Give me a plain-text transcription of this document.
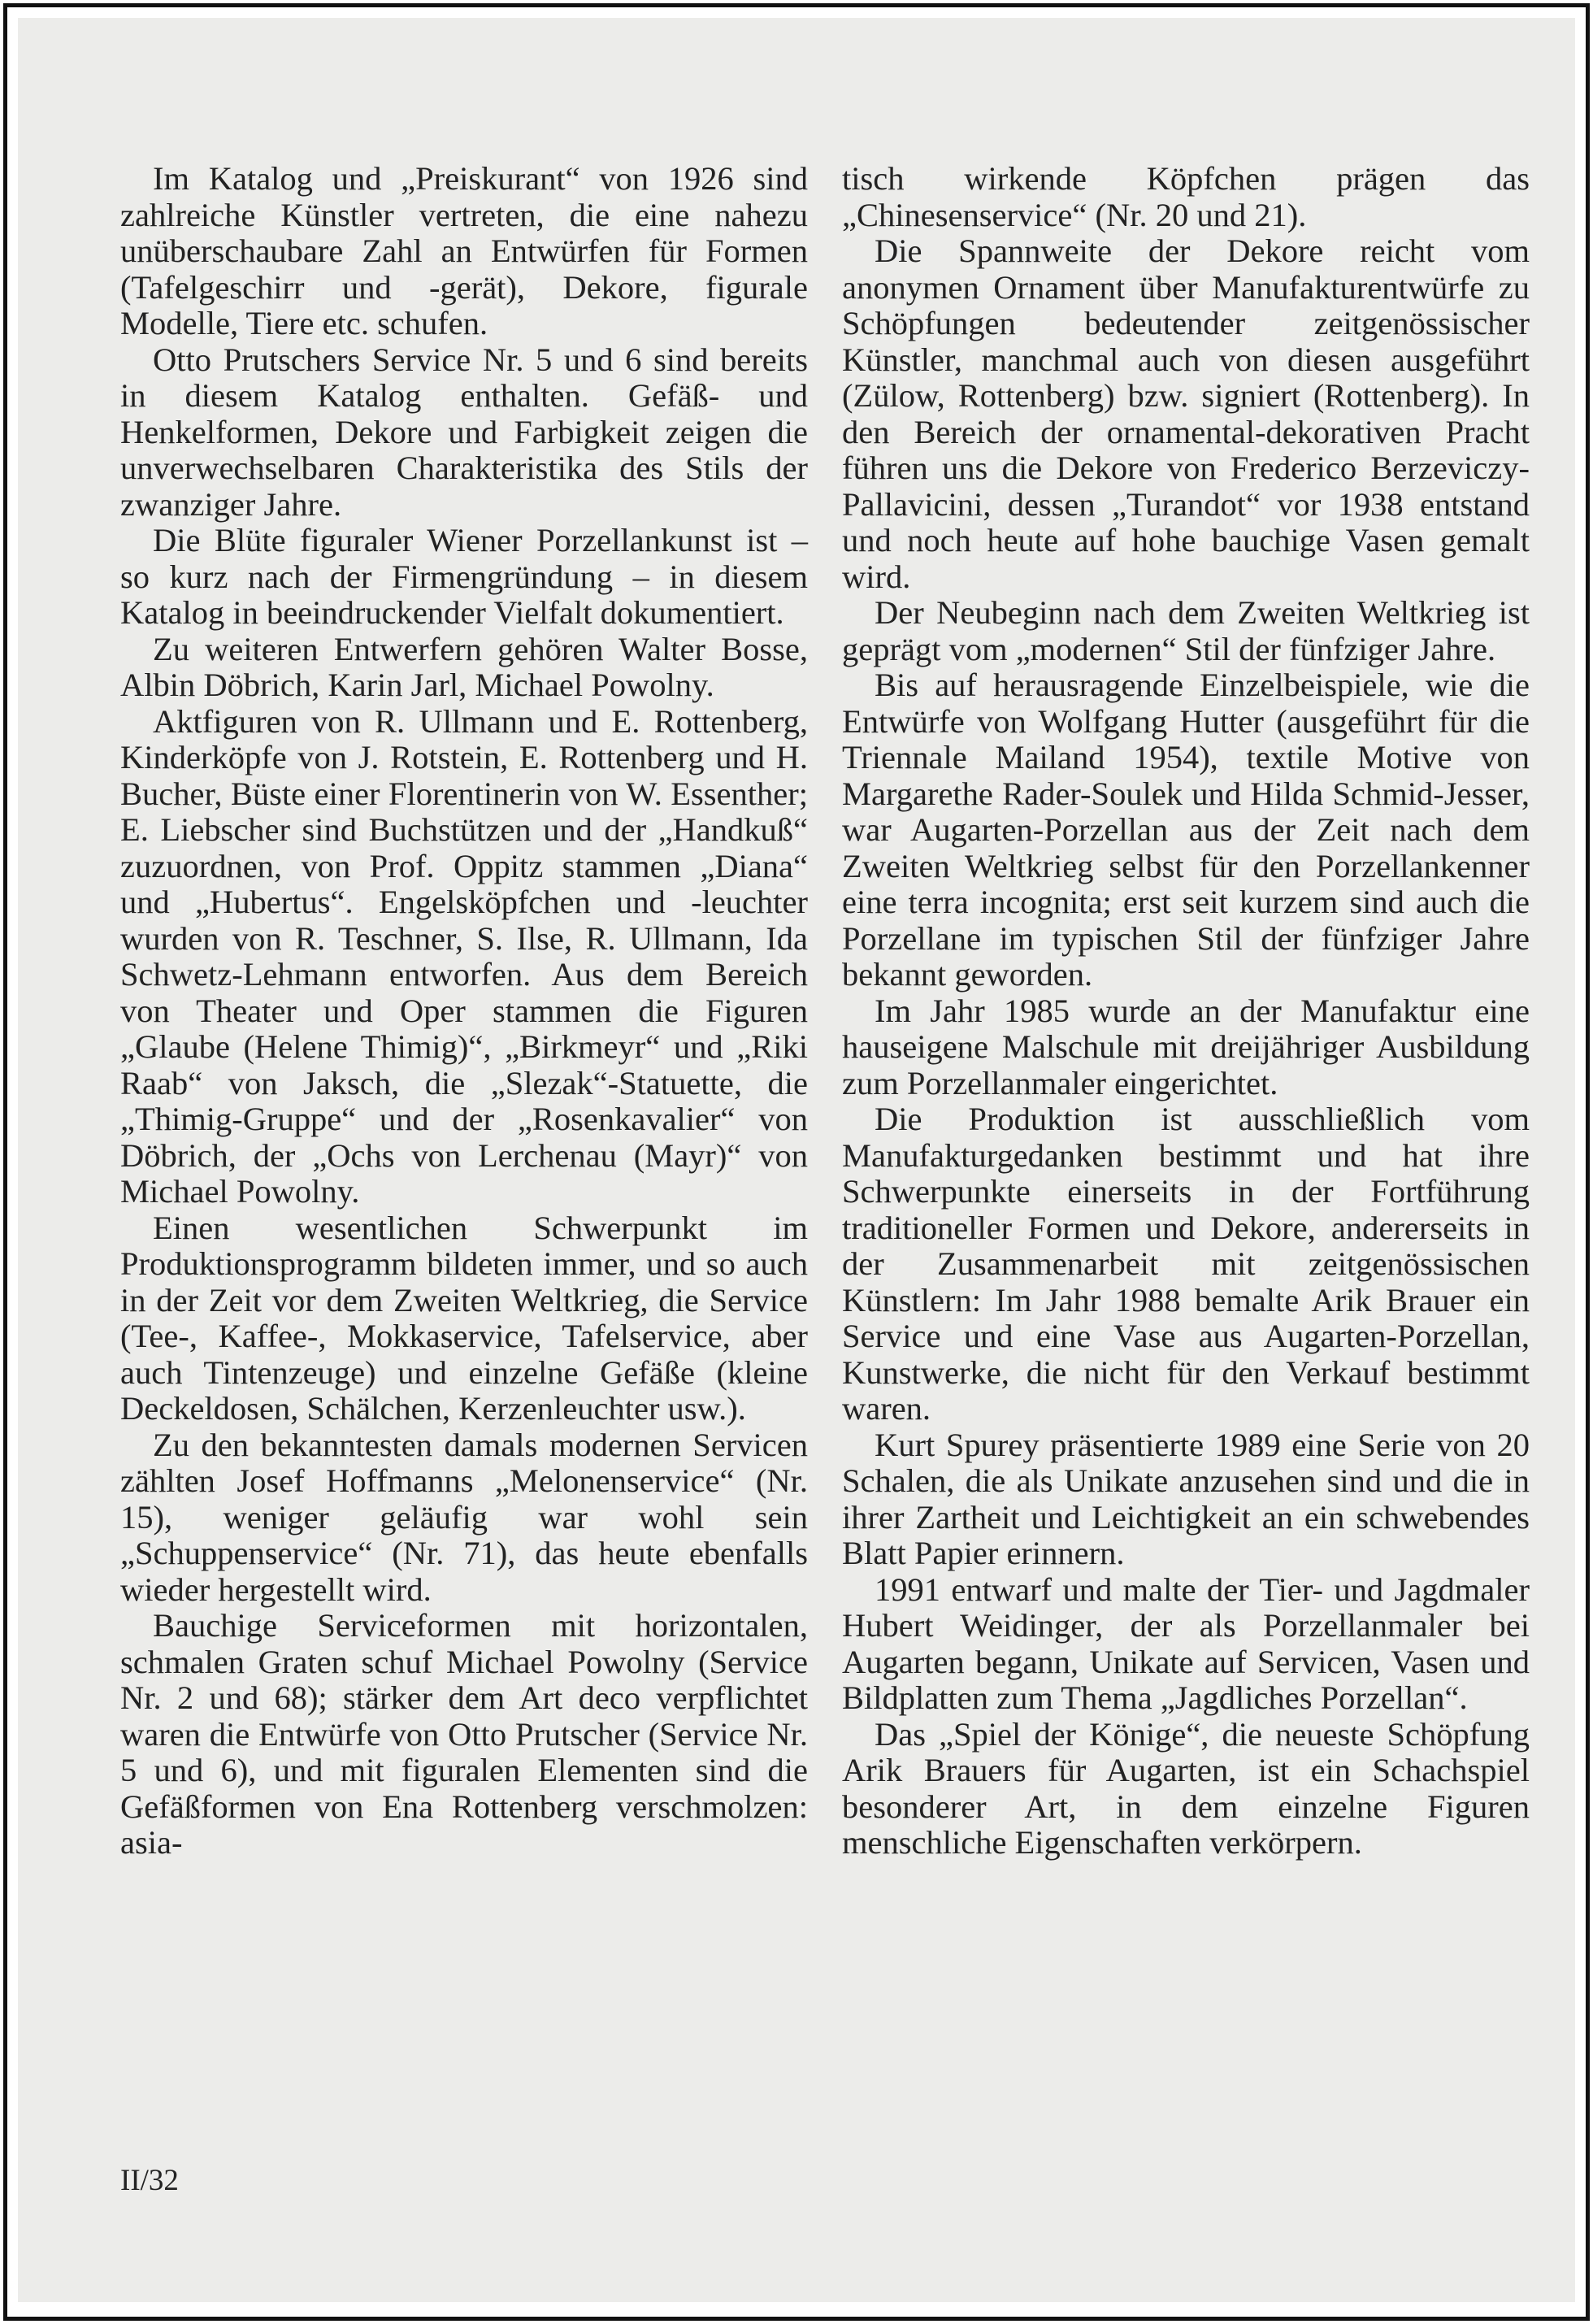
Im Katalog und „Preiskurant“ von 1926 sind zahlreiche Künstler vertreten, die eine nahezu unüberschaubare Zahl an Entwürfen für Formen (Tafelgeschirr und -gerät), Dekore, figurale Modelle, Tiere etc. schufen.

Otto Prutschers Service Nr. 5 und 6 sind bereits in diesem Katalog enthalten. Gefäß- und Henkelformen, Dekore und Farbigkeit zeigen die unverwechselbaren Charakteristika des Stils der zwanziger Jahre.

Die Blüte figuraler Wiener Porzellankunst ist – so kurz nach der Firmengründung – in diesem Katalog in beeindruckender Vielfalt dokumentiert.

Zu weiteren Entwerfern gehören Walter Bosse, Albin Döbrich, Karin Jarl, Michael Powolny.

Aktfiguren von R. Ullmann und E. Rottenberg, Kinderköpfe von J. Rotstein, E. Rottenberg und H. Bucher, Büste einer Florentinerin von W. Essenther; E. Liebscher sind Buchstützen und der „Handkuß“ zuzuordnen, von Prof. Oppitz stammen „Diana“ und „Hubertus“. Engelsköpfchen und -leuchter wurden von R. Teschner, S. Ilse, R. Ullmann, Ida Schwetz-Lehmann entworfen. Aus dem Bereich von Theater und Oper stammen die Figuren „Glaube (Helene Thimig)“, „Birkmeyr“ und „Riki Raab“ von Jaksch, die „Slezak“-Statuette, die „Thimig-Gruppe“ und der „Rosenkavalier“ von Döbrich, der „Ochs von Lerchenau (Mayr)“ von Michael Powolny.

Einen wesentlichen Schwerpunkt im Produktionsprogramm bildeten immer, und so auch in der Zeit vor dem Zweiten Weltkrieg, die Service (Tee-, Kaffee-, Mokkaservice, Tafelservice, aber auch Tintenzeuge) und einzelne Gefäße (kleine Deckeldosen, Schälchen, Kerzenleuchter usw.).

Zu den bekanntesten damals modernen Servicen zählten Josef Hoffmanns „Melonenservice“ (Nr. 15), weniger geläufig war wohl sein „Schuppenservice“ (Nr. 71), das heute ebenfalls wieder hergestellt wird.

Bauchige Serviceformen mit horizontalen, schmalen Graten schuf Michael Powolny (Service Nr. 2 und 68); stärker dem Art deco verpflichtet waren die Entwürfe von Otto Prutscher (Service Nr. 5 und 6), und mit figuralen Elementen sind die Gefäßformen von Ena Rottenberg verschmolzen: asia-

tisch wirkende Köpfchen prägen das „Chinesenservice“ (Nr. 20 und 21).

Die Spannweite der Dekore reicht vom anonymen Ornament über Manufakturentwürfe zu Schöpfungen bedeutender zeitgenössischer Künstler, manchmal auch von diesen ausgeführt (Zülow, Rottenberg) bzw. signiert (Rottenberg). In den Bereich der ornamental-dekorativen Pracht führen uns die Dekore von Frederico Berzeviczy-Pallavicini, dessen „Turandot“ vor 1938 entstand und noch heute auf hohe bauchige Vasen gemalt wird.

Der Neubeginn nach dem Zweiten Weltkrieg ist geprägt vom „modernen“ Stil der fünfziger Jahre.

Bis auf herausragende Einzelbeispiele, wie die Entwürfe von Wolfgang Hutter (ausgeführt für die Triennale Mailand 1954), textile Motive von Margarethe Rader-Soulek und Hilda Schmid-Jesser, war Augarten-Porzellan aus der Zeit nach dem Zweiten Weltkrieg selbst für den Porzellankenner eine terra incognita; erst seit kurzem sind auch die Porzellane im typischen Stil der fünfziger Jahre bekannt geworden.

Im Jahr 1985 wurde an der Manufaktur eine hauseigene Malschule mit dreijähriger Ausbildung zum Porzellanmaler eingerichtet.

Die Produktion ist ausschließlich vom Manufakturgedanken bestimmt und hat ihre Schwerpunkte einerseits in der Fortführung traditioneller Formen und Dekore, andererseits in der Zusammenarbeit mit zeitgenössischen Künstlern: Im Jahr 1988 bemalte Arik Brauer ein Service und eine Vase aus Augarten-Porzellan, Kunstwerke, die nicht für den Verkauf bestimmt waren.

Kurt Spurey präsentierte 1989 eine Serie von 20 Schalen, die als Unikate anzusehen sind und die in ihrer Zartheit und Leichtigkeit an ein schwebendes Blatt Papier erinnern.

1991 entwarf und malte der Tier- und Jagdmaler Hubert Weidinger, der als Porzellanmaler bei Augarten begann, Unikate auf Servicen, Vasen und Bildplatten zum Thema „Jagdliches Porzellan“.

Das „Spiel der Könige“, die neueste Schöpfung Arik Brauers für Augarten, ist ein Schachspiel besonderer Art, in dem einzelne Figuren menschliche Eigenschaften verkörpern.

II/32
